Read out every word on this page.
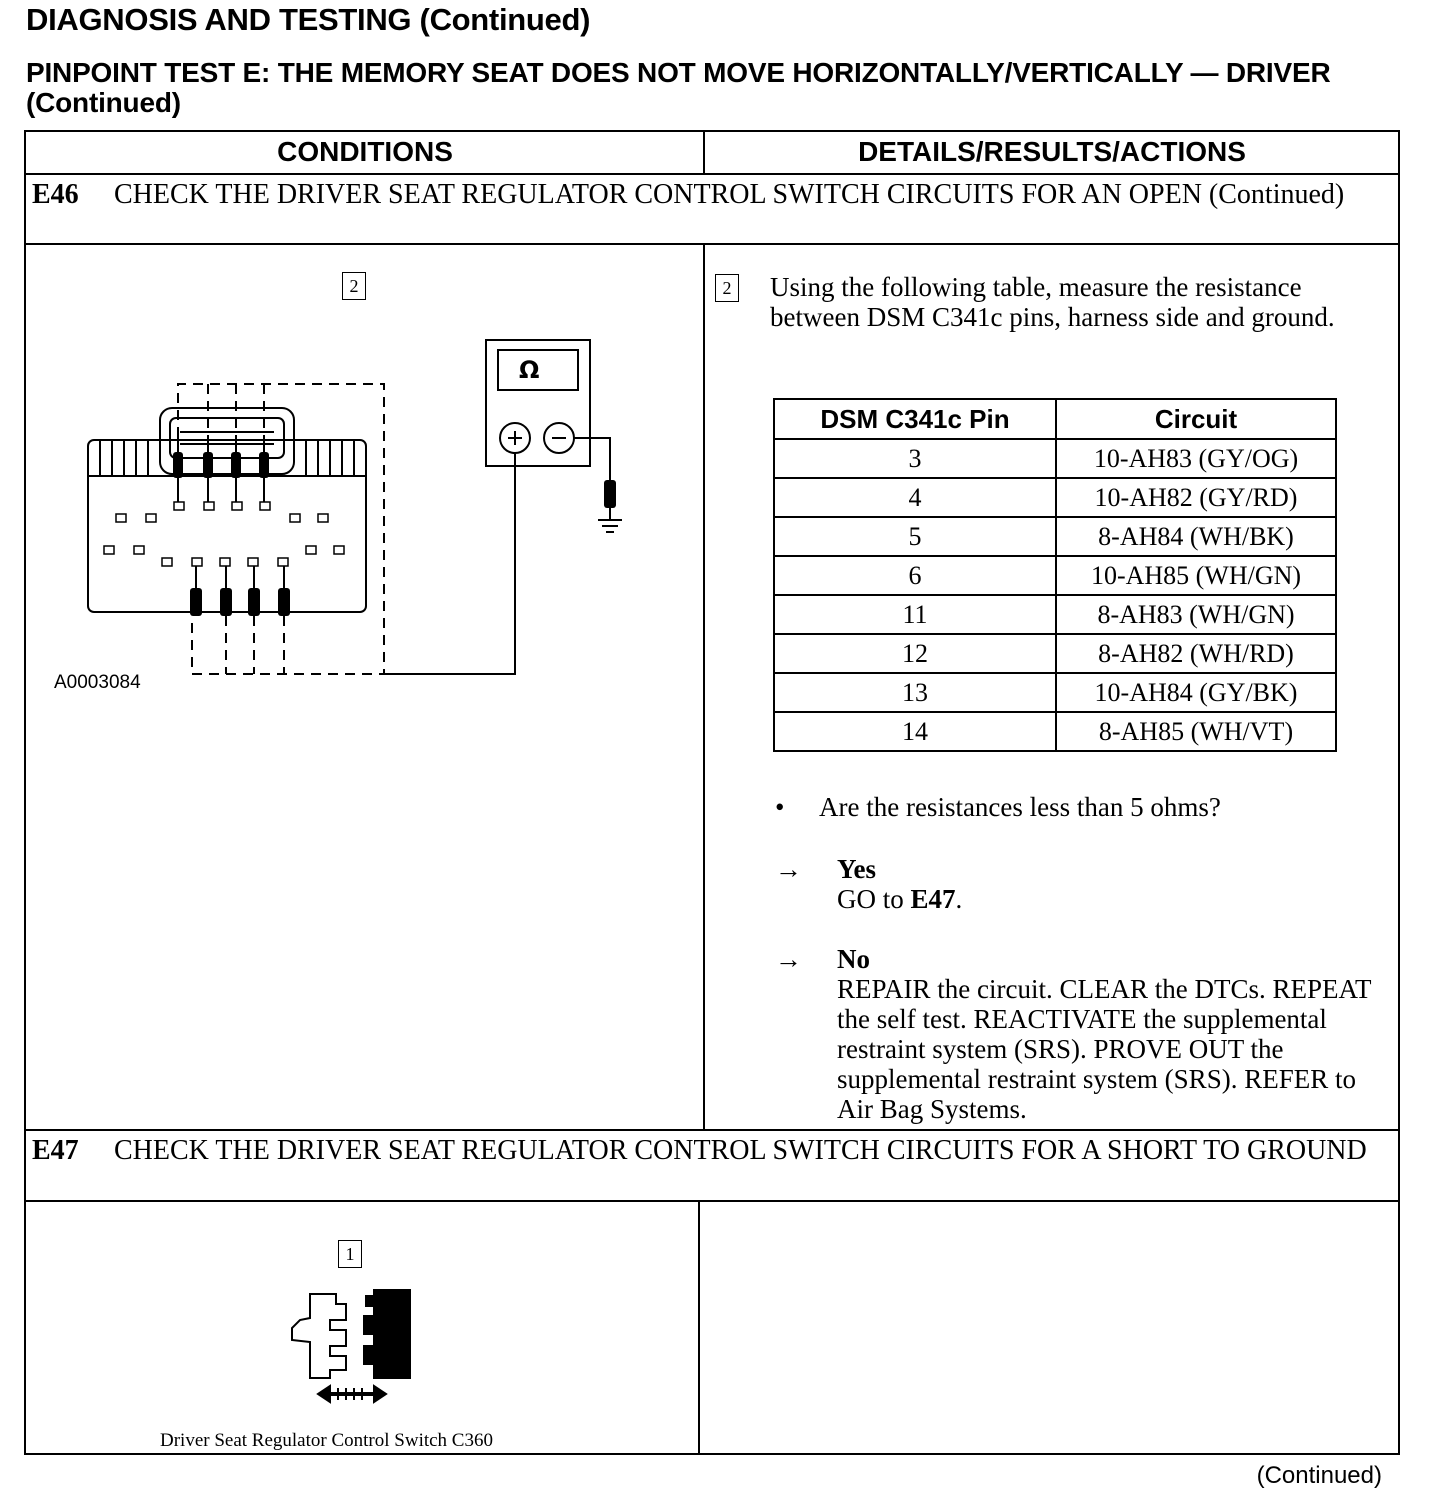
DIAGNOSIS AND TESTING (Continued)
PINPOINT TEST E: THE MEMORY SEAT DOES NOT MOVE HORIZONTALLY/VERTICALLY — DRIVER (Continued)
CONDITIONS	DETAILS/RESULTS/ACTIONS
E46 CHECK THE DRIVER SEAT REGULATOR CONTROL SWITCH CIRCUITS FOR AN OPEN (Continued)
E47 CHECK THE DRIVER SEAT REGULATOR CONTROL SWITCH CIRCUITS FOR A SHORT TO GROUND
2
Ω
A0003084
2 Using the following table, measure the resistance between DSM C341c pins, harness side and ground.

DSM C341c Pin	Circuit
3	10-AH83 (GY/OG)
4	10-AH82 (GY/RD)
5	8-AH84 (WH/BK)
6	10-AH85 (WH/GN)
11	8-AH83 (WH/GN)
12	8-AH82 (WH/RD)
13	10-AH84 (GY/BK)
14	8-AH85 (WH/VT)
• Are the resistances less than 5 ohms?
→ Yes
GO to E47.
→ No
REPAIR the circuit. CLEAR the DTCs. REPEAT the self test. REACTIVATE the supplemental restraint system (SRS). PROVE OUT the supplemental restraint system (SRS). REFER to Air Bag Systems.
1
Driver Seat Regulator Control Switch C360
(Continued)
